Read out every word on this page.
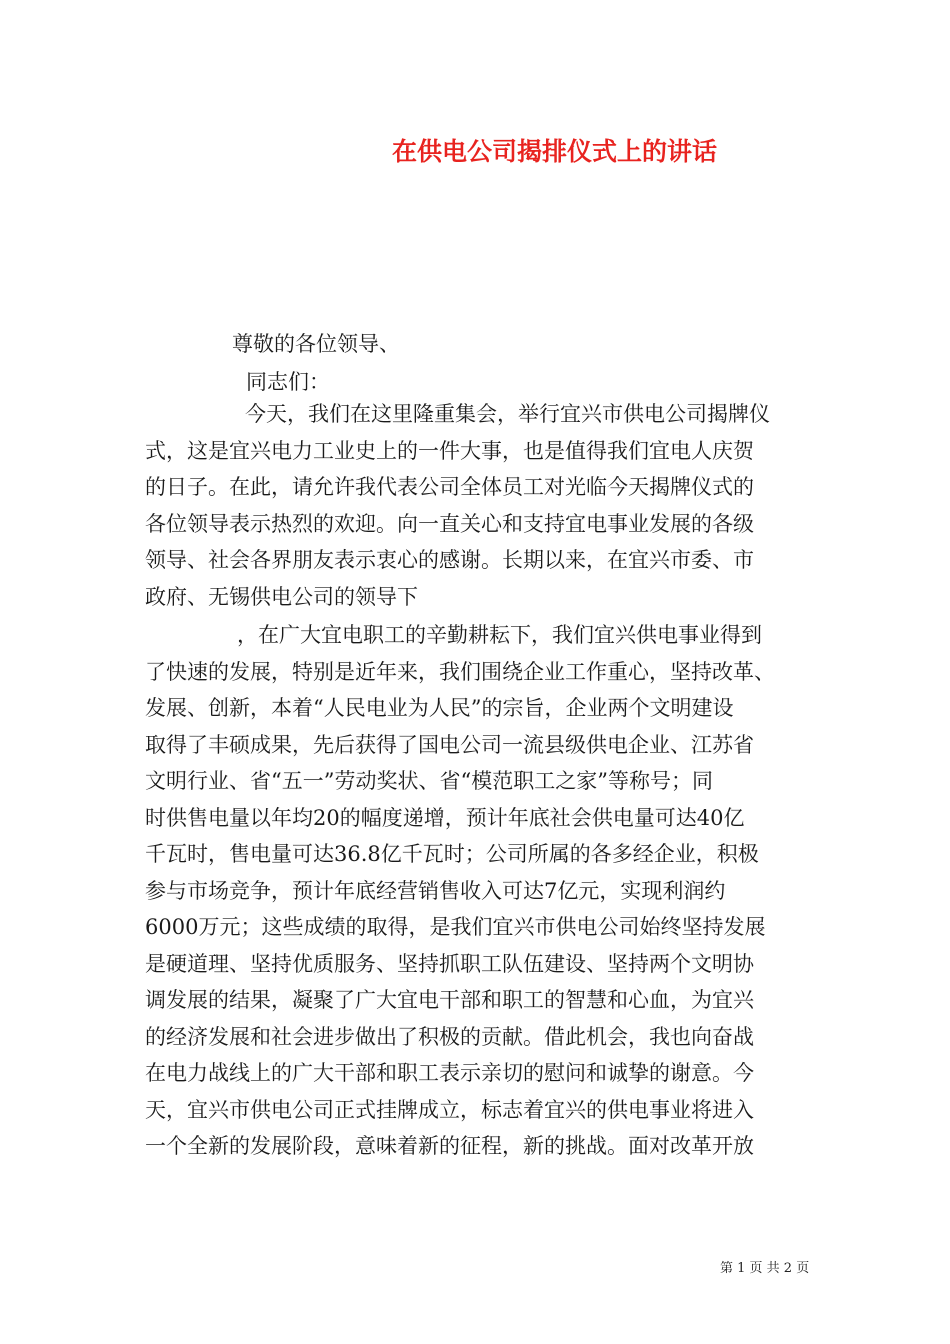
在供电公司揭排仪式上的讲话
尊敬的各位领导、
同志们：
今天，我们在这里隆重集会，举行宜兴市供电公司揭牌仪
式，这是宜兴电力工业史上的一件大事，也是值得我们宜电人庆贺
的日子。在此，请允许我代表公司全体员工对光临今天揭牌仪式的
各位领导表示热烈的欢迎。向一直关心和支持宜电事业发展的各级
领导、社会各界朋友表示衷心的感谢。长期以来，在宜兴市委、市
政府、无锡供电公司的领导下
，在广大宜电职工的辛勤耕耘下，我们宜兴供电事业得到
了快速的发展，特别是近年来，我们围绕企业工作重心，坚持改革、
发展、创新，本着“人民电业为人民”的宗旨，企业两个文明建设
取得了丰硕成果，先后获得了国电公司一流县级供电企业、江苏省
文明行业、省“五一”劳动奖状、省“模范职工之家”等称号；同
时供售电量以年均20的幅度递增，预计年底社会供电量可达40亿
千瓦时，售电量可达36.8亿千瓦时；公司所属的各多经企业，积极
参与市场竞争，预计年底经营销售收入可达7亿元，实现利润约
6000万元；这些成绩的取得，是我们宜兴市供电公司始终坚持发展
是硬道理、坚持优质服务、坚持抓职工队伍建设、坚持两个文明协
调发展的结果，凝聚了广大宜电干部和职工的智慧和心血，为宜兴
的经济发展和社会进步做出了积极的贡献。借此机会，我也向奋战
在电力战线上的广大干部和职工表示亲切的慰问和诚挚的谢意。今
天，宜兴市供电公司正式挂牌成立，标志着宜兴的供电事业将进入
一个全新的发展阶段，意味着新的征程，新的挑战。面对改革开放
第 1 页 共 2 页
